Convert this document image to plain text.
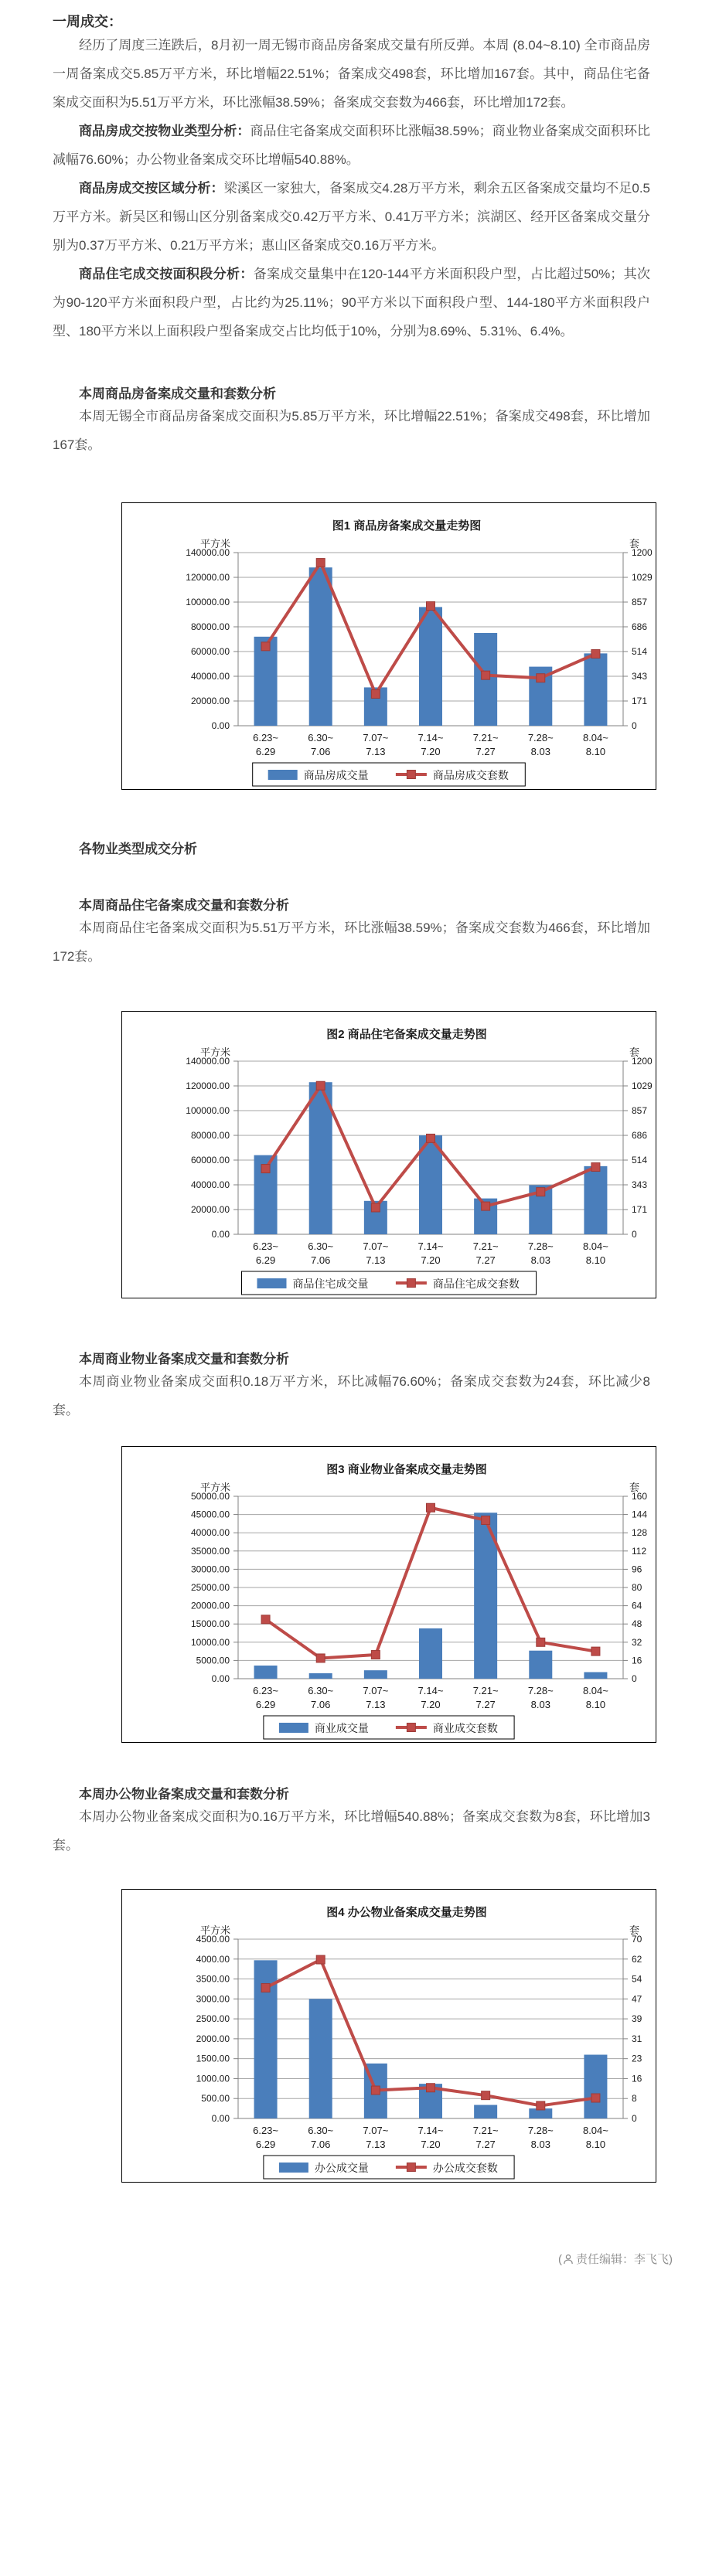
一周成交：

经历了周度三连跌后，8月初一周无锡市商品房备案成交量有所反弹。本周 (8.04~8.10) 全市商品房一周备案成交5.85万平方米，环比增幅22.51%；备案成交498套，环比增加167套。其中，商品住宅备案成交面积为5.51万平方米，环比涨幅38.59%；备案成交套数为466套，环比增加172套。

商品房成交按物业类型分析：商品住宅备案成交面积环比涨幅38.59%；商业物业备案成交面积环比减幅76.60%；办公物业备案成交环比增幅540.88%。

商品房成交按区域分析：梁溪区一家独大，备案成交4.28万平方米，剩余五区备案成交量均不足0.5万平方米。新吴区和锡山区分别备案成交0.42万平方米、0.41万平方米；滨湖区、经开区备案成交量分别为0.37万平方米、0.21万平方米；惠山区备案成交0.16万平方米。

商品住宅成交按面积段分析：备案成交量集中在120-144平方米面积段户型，占比超过50%；其次为90-120平方米面积段户型，占比约为25.11%；90平方米以下面积段户型、144-180平方米面积段户型、180平方米以上面积段户型备案成交占比均低于10%，分别为8.69%、5.31%、6.4%。

本周商品房备案成交量和套数分析

本周无锡全市商品房备案成交面积为5.85万平方米，环比增幅22.51%；备案成交498套，环比增加167套。

图1 商品房备案成交量走势图
平方米	套
0.00	0
20000.00	171
40000.00	343
60000.00	514
80000.00	686
100000.00	857
120000.00	1029
140000.00	1200
6.23~
6.29
6.30~
7.06
7.07~
7.13
7.14~
7.20
7.21~
7.27
7.28~
8.03
8.04~
8.10
商品房成交量	商品房成交套数
各物业类型成交分析
本周商品住宅备案成交量和套数分析

本周商品住宅备案成交面积为5.51万平方米，环比涨幅38.59%；备案成交套数为466套，环比增加172套。

图2 商品住宅备案成交量走势图
平方米	套
0.00	0
20000.00	171
40000.00	343
60000.00	514
80000.00	686
100000.00	857
120000.00	1029
140000.00	1200
6.23~
6.29
6.30~
7.06
7.07~
7.13
7.14~
7.20
7.21~
7.27
7.28~
8.03
8.04~
8.10
商品住宅成交量	商品住宅成交套数
本周商业物业备案成交量和套数分析

本周商业物业备案成交面积0.18万平方米，环比减幅76.60%；备案成交套数为24套，环比减少8套。

图3 商业物业备案成交量走势图
平方米	套
0.00	0
5000.00	16
10000.00	32
15000.00	48
20000.00	64
25000.00	80
30000.00	96
35000.00	112
40000.00	128
45000.00	144
50000.00	160
6.23~
6.29
6.30~
7.06
7.07~
7.13
7.14~
7.20
7.21~
7.27
7.28~
8.03
8.04~
8.10
商业成交量	商业成交套数
本周办公物业备案成交量和套数分析

本周办公物业备案成交面积为0.16万平方米，环比增幅540.88%；备案成交套数为8套，环比增加3套。

图4 办公物业备案成交量走势图
平方米	套
0.00	0
500.00	8
1000.00	16
1500.00	23
2000.00	31
2500.00	39
3000.00	47
3500.00	54
4000.00	62
4500.00	70
6.23~
6.29
6.30~
7.06
7.07~
7.13
7.14~
7.20
7.21~
7.27
7.28~
8.03
8.04~
8.10
办公成交量	办公成交套数
( 责任编辑：李飞飞)
